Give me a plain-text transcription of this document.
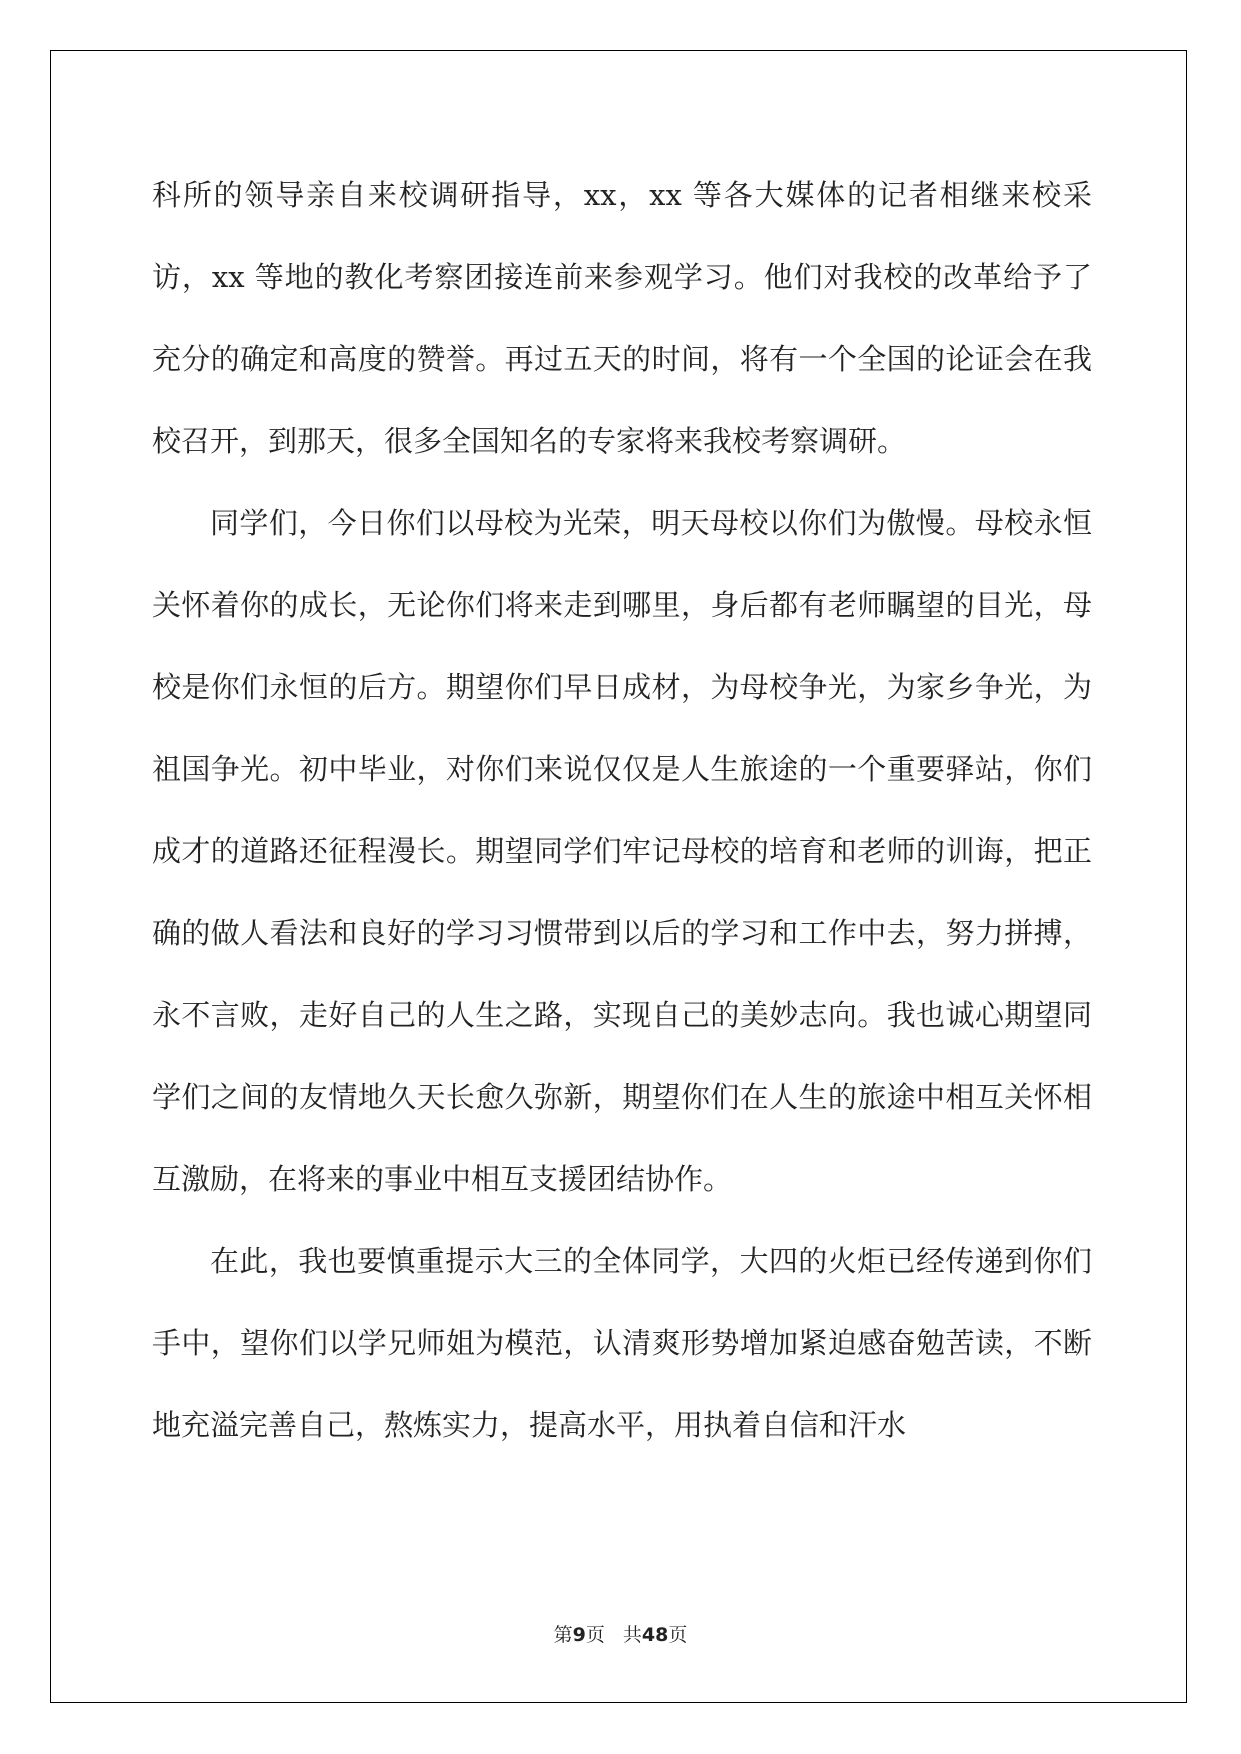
科所的领导亲自来校调研指导，xx，xx 等各大媒体的记者相继来校采访，xx 等地的教化考察团接连前来参观学习。他们对我校的改革给予了充分的确定和高度的赞誉。再过五天的时间，将有一个全国的论证会在我校召开，到那天，很多全国知名的专家将来我校考察调研。

同学们，今日你们以母校为光荣，明天母校以你们为傲慢。母校永恒关怀着你的成长，无论你们将来走到哪里，身后都有老师瞩望的目光，母校是你们永恒的后方。期望你们早日成材，为母校争光，为家乡争光，为祖国争光。初中毕业，对你们来说仅仅是人生旅途的一个重要驿站，你们成才的道路还征程漫长。期望同学们牢记母校的培育和老师的训诲，把正确的做人看法和良好的学习习惯带到以后的学习和工作中去，努力拼搏，永不言败，走好自己的人生之路，实现自己的美妙志向。我也诚心期望同学们之间的友情地久天长愈久弥新，期望你们在人生的旅途中相互关怀相互激励，在将来的事业中相互支援团结协作。

在此，我也要慎重提示大三的全体同学，大四的火炬已经传递到你们手中，望你们以学兄师姐为模范，认清爽形势增加紧迫感奋勉苦读，不断地充溢完善自己，熬炼实力，提高水平，用执着自信和汗水

第9页 共48页
